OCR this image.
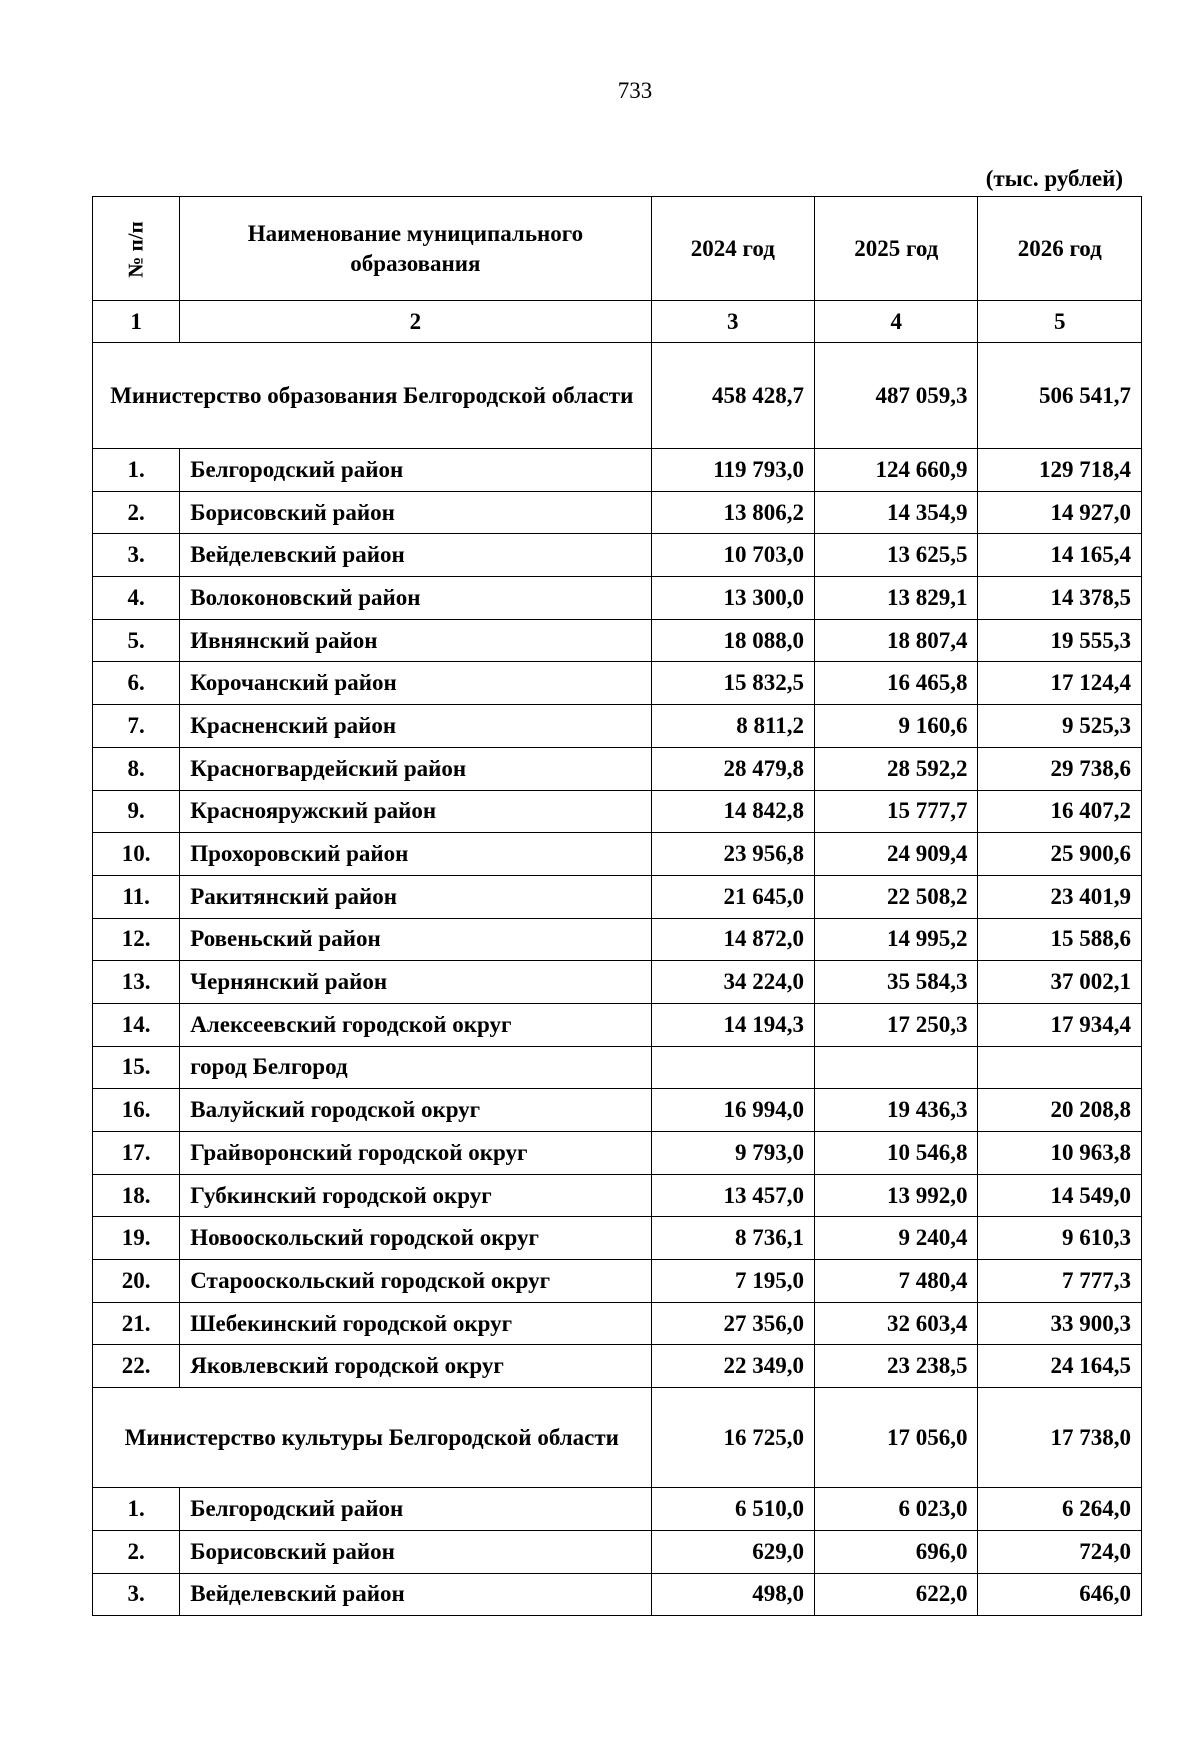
733
(тыс. рублей)
№ п/п	Наименование муниципального образования	2024 год	2025 год	2026 год
1	2	3	4	5
Министерство образования Белгородской области		458 428,7	487 059,3	506 541,7
1.	Белгородский район	119 793,0	124 660,9	129 718,4
2.	Борисовский район	13 806,2	14 354,9	14 927,0
3.	Вейделевский район	10 703,0	13 625,5	14 165,4
4.	Волоконовский район	13 300,0	13 829,1	14 378,5
5.	Ивнянский район	18 088,0	18 807,4	19 555,3
6.	Корочанский район	15 832,5	16 465,8	17 124,4
7.	Красненский район	8 811,2	9 160,6	9 525,3
8.	Красногвардейский район	28 479,8	28 592,2	29 738,6
9.	Краснояружский район	14 842,8	15 777,7	16 407,2
10.	Прохоровский район	23 956,8	24 909,4	25 900,6
11.	Ракитянский район	21 645,0	22 508,2	23 401,9
12.	Ровеньский район	14 872,0	14 995,2	15 588,6
13.	Чернянский район	34 224,0	35 584,3	37 002,1
14.	Алексеевский городской округ	14 194,3	17 250,3	17 934,4
15.	город Белгород			
16.	Валуйский городской округ	16 994,0	19 436,3	20 208,8
17.	Грайворонский городской округ	9 793,0	10 546,8	10 963,8
18.	Губкинский городской округ	13 457,0	13 992,0	14 549,0
19.	Новооскольский городской округ	8 736,1	9 240,4	9 610,3
20.	Старооскольский городской округ	7 195,0	7 480,4	7 777,3
21.	Шебекинский городской округ	27 356,0	32 603,4	33 900,3
22.	Яковлевский городской округ	22 349,0	23 238,5	24 164,5
Министерство культуры Белгородской области		16 725,0	17 056,0	17 738,0
1.	Белгородский район	6 510,0	6 023,0	6 264,0
2.	Борисовский район	629,0	696,0	724,0
3.	Вейделевский район	498,0	622,0	646,0
